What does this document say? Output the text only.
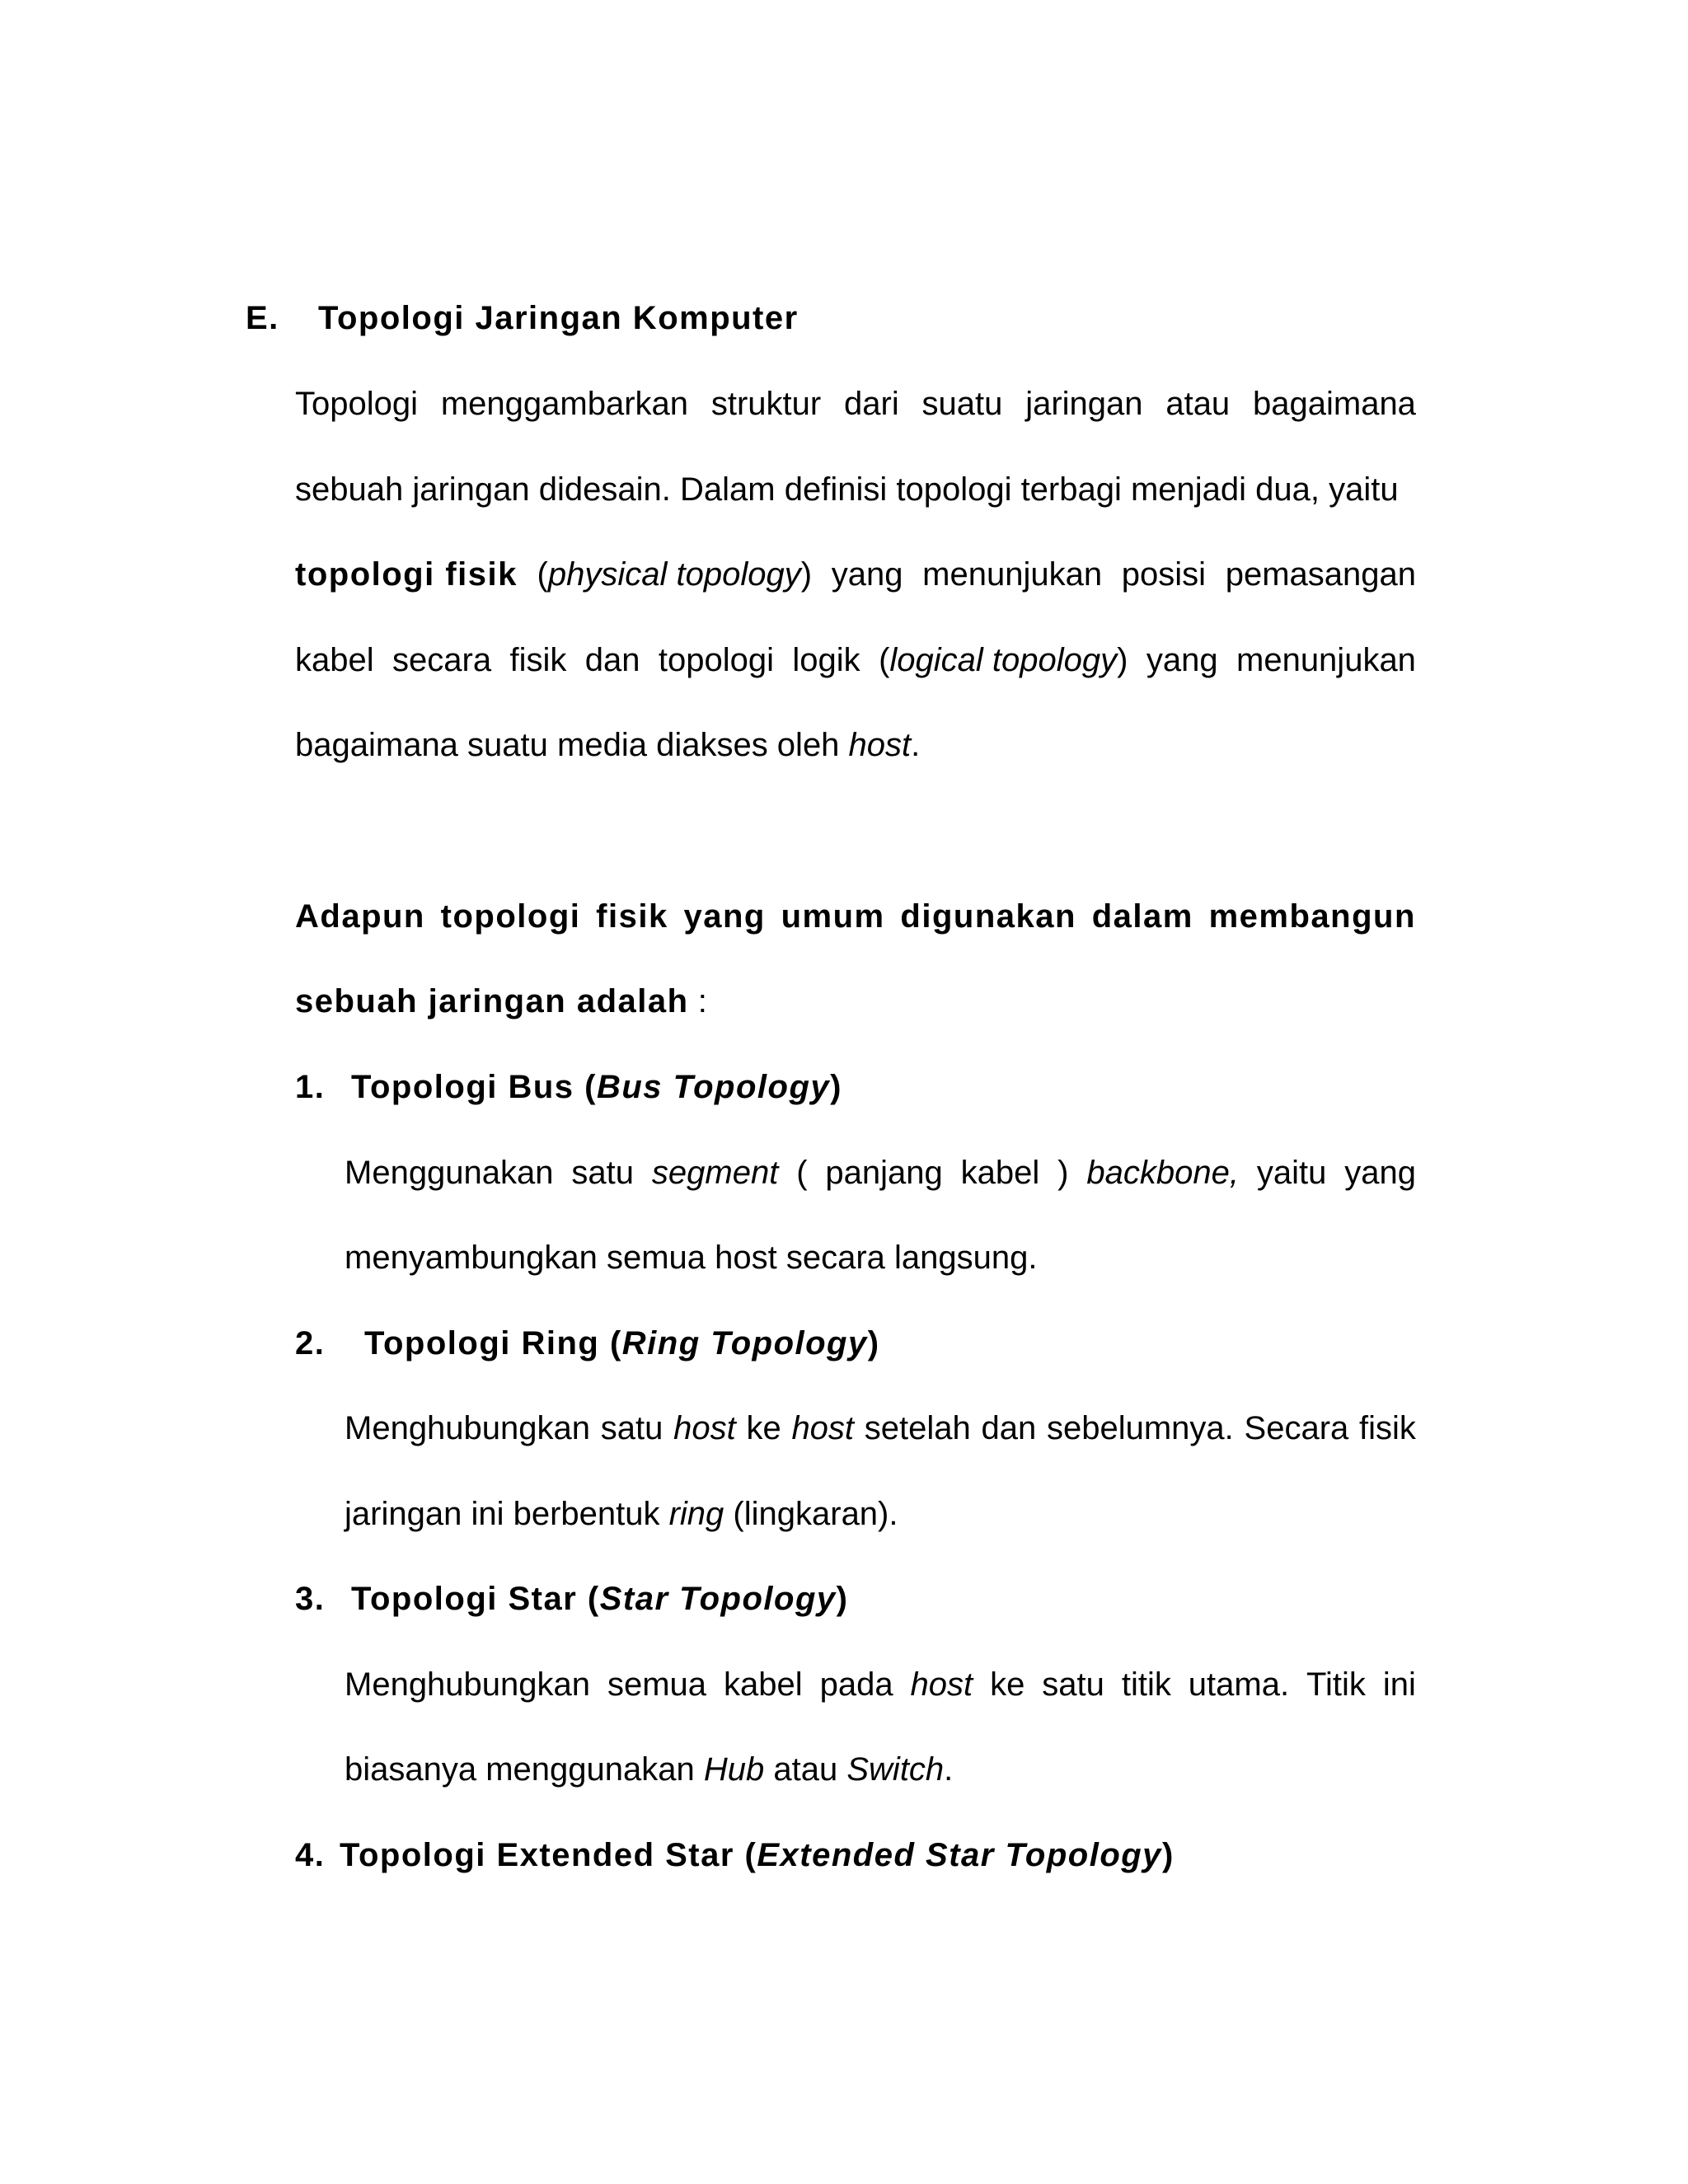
E. Topologi Jaringan Komputer
Topologi menggambarkan struktur dari suatu jaringan atau bagaimana
sebuah jaringan didesain. Dalam definisi topologi terbagi menjadi dua, yaitu
topologi fisik (physical topology) yang menunjukan posisi pemasangan
kabel secara fisik dan topologi logik (logical topology) yang menunjukan
bagaimana suatu media diakses oleh host.
Adapun topologi fisik yang umum digunakan dalam membangun
sebuah jaringan adalah :
1. Topologi Bus (Bus Topology)
Menggunakan satu segment ( panjang kabel ) backbone, yaitu yang
menyambungkan semua host secara langsung.
2. Topologi Ring (Ring Topology)
Menghubungkan satu host ke host setelah dan sebelumnya. Secara fisik
jaringan ini berbentuk ring (lingkaran).
3. Topologi Star (Star Topology)
Menghubungkan semua kabel pada host ke satu titik utama. Titik ini
biasanya menggunakan Hub atau Switch.
4. Topologi Extended Star (Extended Star Topology)
